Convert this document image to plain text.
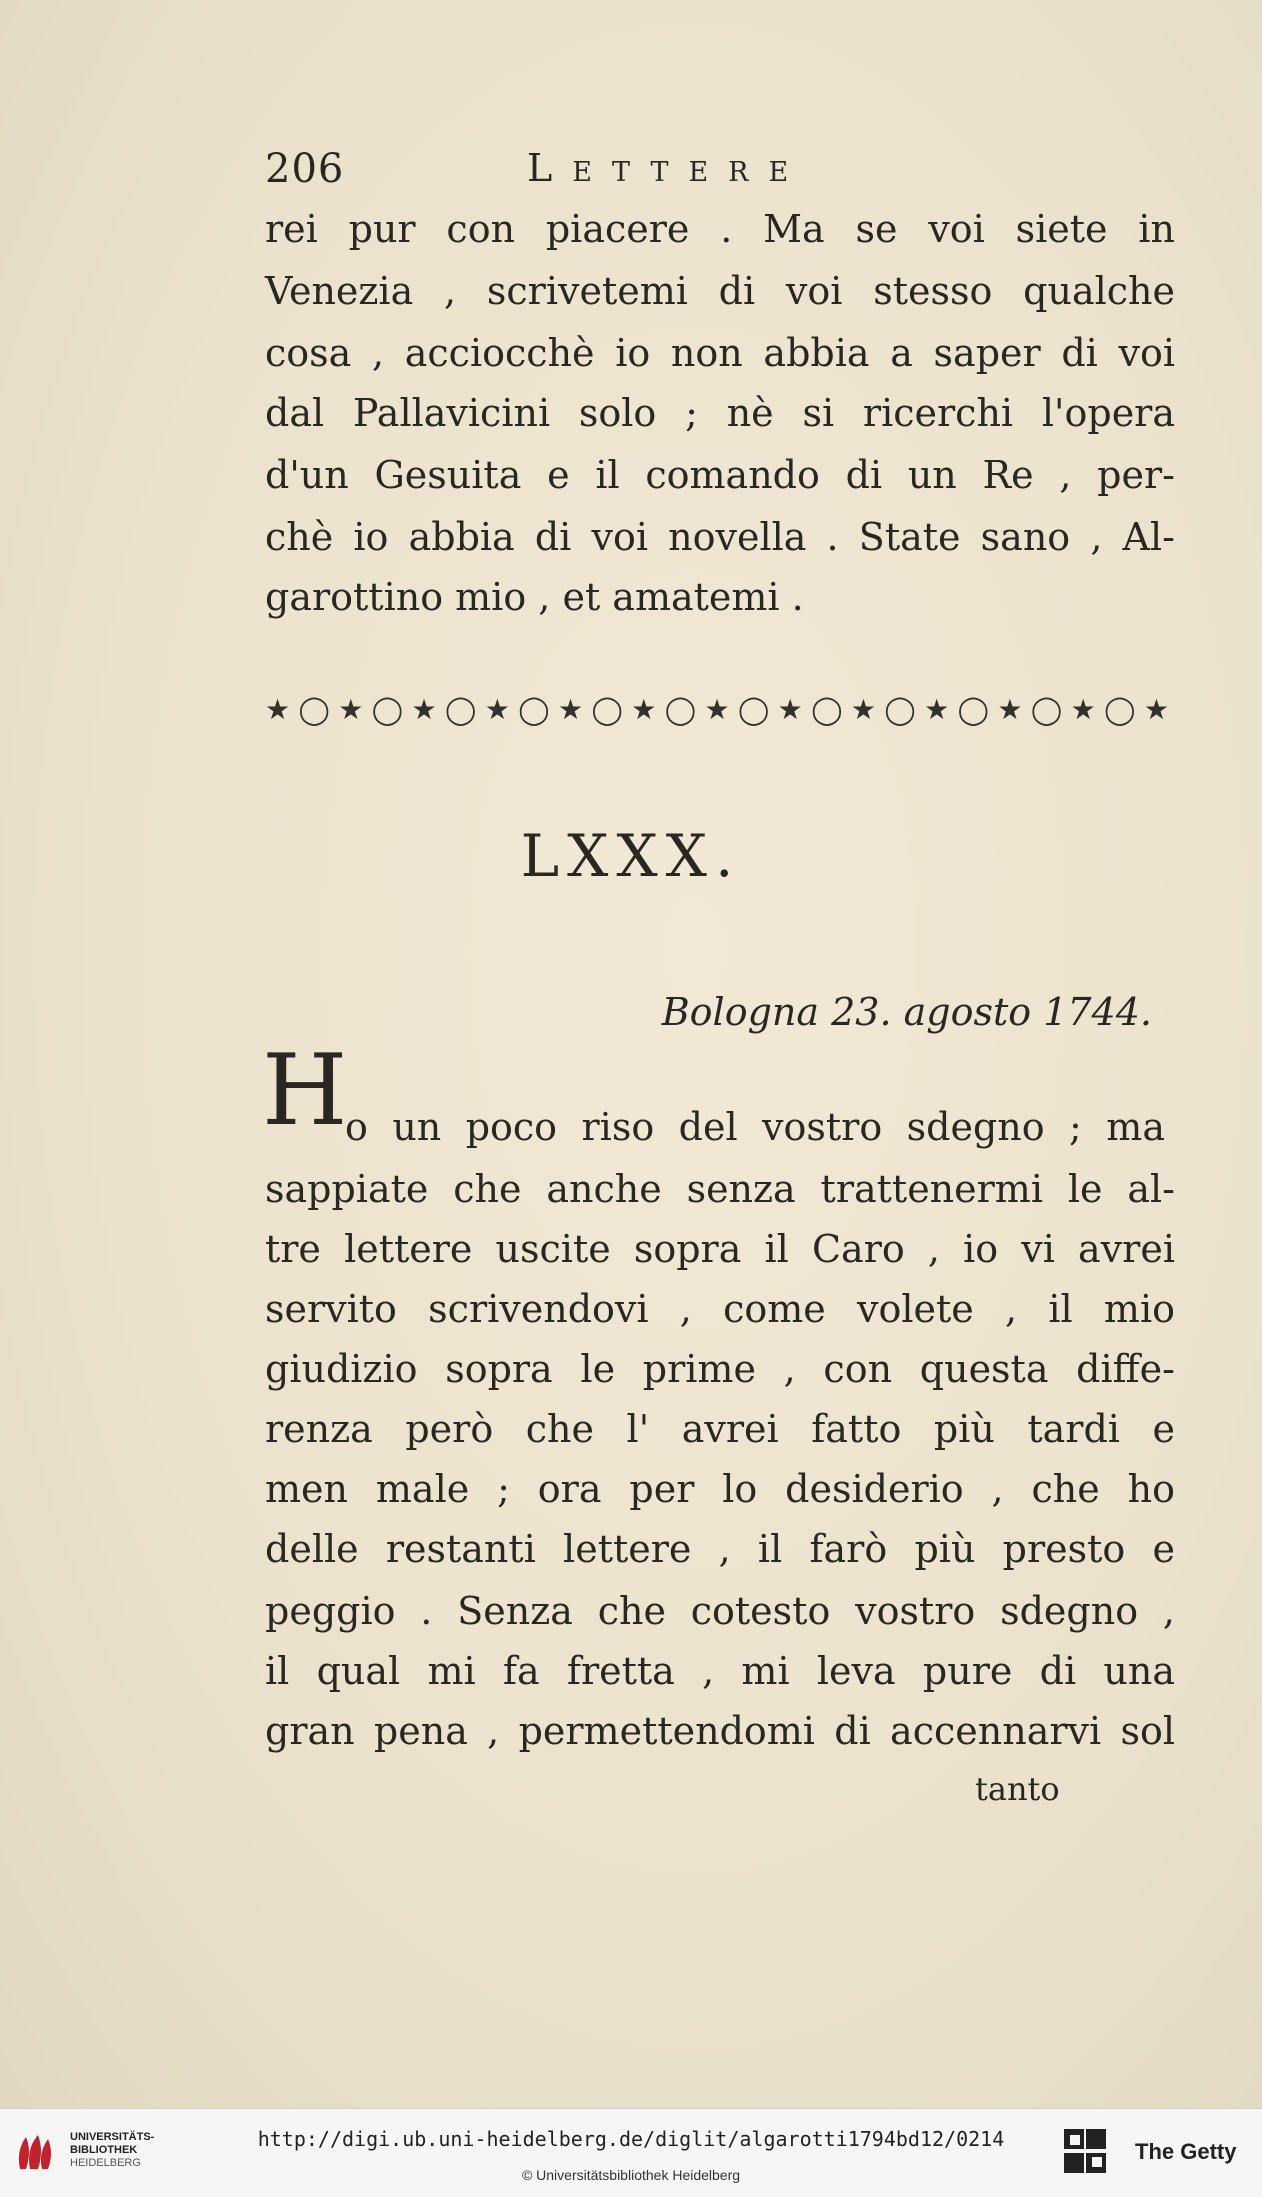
206	Lettere
rei pur con piacere . Ma se voi siete in
Venezia , scrivetemi di voi stesso qualche
cosa , acciocchè io non abbia a saper di voi
dal Pallavicini solo ; nè si ricerchi l'opera
d'un Gesuita e il comando di un Re , per-
chè io abbia di voi novella . State sano , Al-
garottino mio , et amatemi .
★◯★◯★◯★◯★◯★◯★◯★◯★◯★◯★◯★◯★
LXXX.
Bologna 23. agosto 1744.
H
o un poco riso del vostro sdegno ; ma
sappiate che anche senza trattenermi le al-
tre lettere uscite sopra il Caro , io vi avrei
servito scrivendovi , come volete , il mio
giudizio sopra le prime , con questa diffe-
renza però che l' avrei fatto più tardi e
men male ; ora per lo desiderio , che ho
delle restanti lettere , il farò più presto e
peggio . Senza che cotesto vostro sdegno ,
il qual mi fa fretta , mi leva pure di una
gran pena , permettendomi di accennarvi sol
tanto
UNIVERSITÄTS-
BIBLIOTHEK
HEIDELBERG
http://digi.ub.uni-heidelberg.de/diglit/algarotti1794bd12/0214
© Universitätsbibliothek Heidelberg
The Getty
